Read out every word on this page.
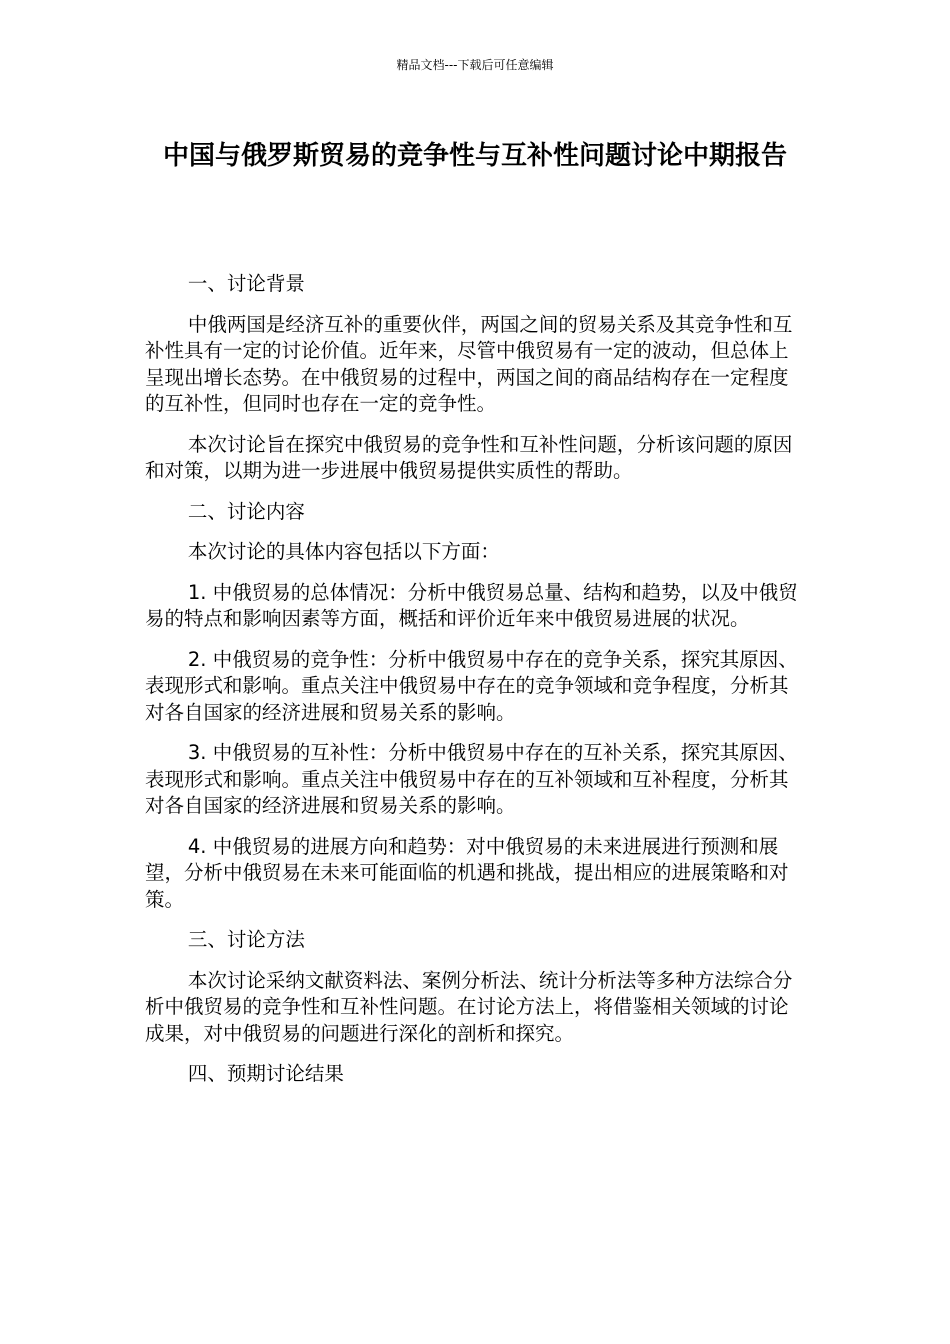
精品文档---下载后可任意编辑
中国与俄罗斯贸易的竞争性与互补性问题讨论中期报告

一、讨论背景

中俄两国是经济互补的重要伙伴，两国之间的贸易关系及其竞争性和互补性具有一定的讨论价值。近年来，尽管中俄贸易有一定的波动，但总体上呈现出增长态势。在中俄贸易的过程中，两国之间的商品结构存在一定程度的互补性，但同时也存在一定的竞争性。

本次讨论旨在探究中俄贸易的竞争性和互补性问题，分析该问题的原因和对策，以期为进一步进展中俄贸易提供实质性的帮助。

二、讨论内容

本次讨论的具体内容包括以下方面：

1. 中俄贸易的总体情况：分析中俄贸易总量、结构和趋势，以及中俄贸易的特点和影响因素等方面，概括和评价近年来中俄贸易进展的状况。

2. 中俄贸易的竞争性：分析中俄贸易中存在的竞争关系，探究其原因、表现形式和影响。重点关注中俄贸易中存在的竞争领域和竞争程度，分析其对各自国家的经济进展和贸易关系的影响。

3. 中俄贸易的互补性：分析中俄贸易中存在的互补关系，探究其原因、表现形式和影响。重点关注中俄贸易中存在的互补领域和互补程度，分析其对各自国家的经济进展和贸易关系的影响。

4. 中俄贸易的进展方向和趋势：对中俄贸易的未来进展进行预测和展望，分析中俄贸易在未来可能面临的机遇和挑战，提出相应的进展策略和对策。

三、讨论方法

本次讨论采纳文献资料法、案例分析法、统计分析法等多种方法综合分析中俄贸易的竞争性和互补性问题。在讨论方法上，将借鉴相关领域的讨论成果，对中俄贸易的问题进行深化的剖析和探究。

四、预期讨论结果
